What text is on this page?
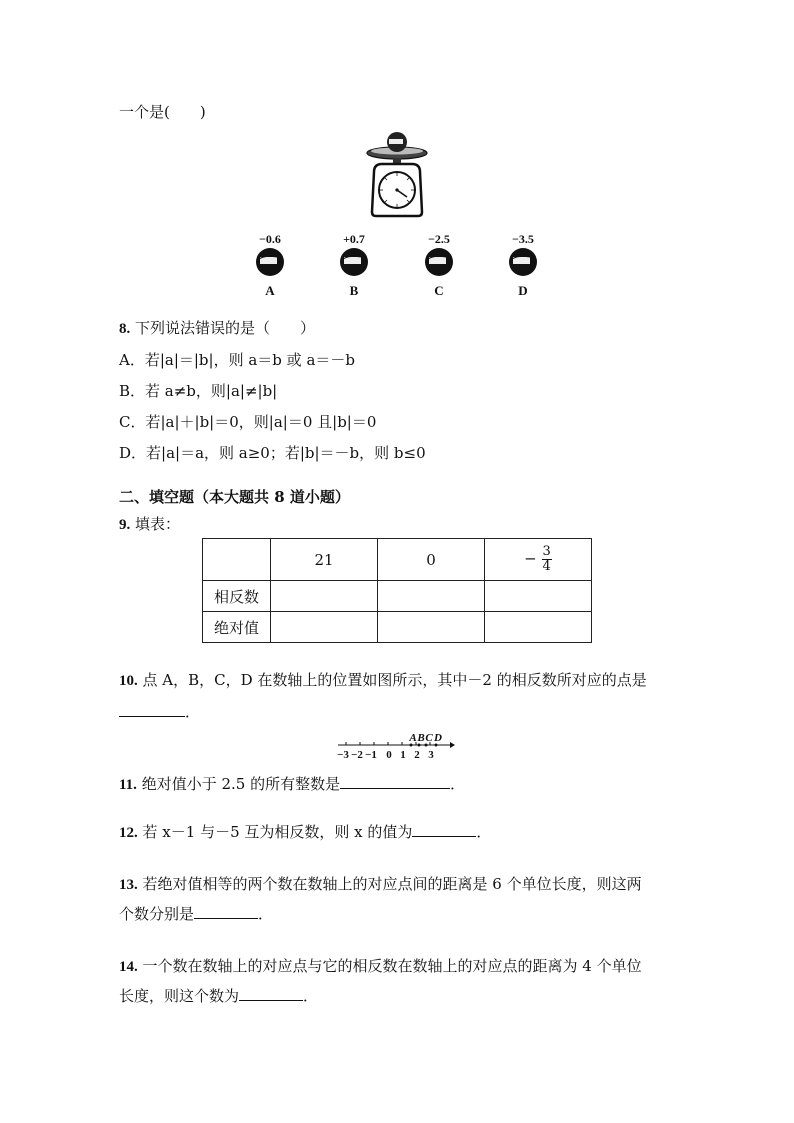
一个是(　　)
−0.6
A
+0.7
B
−2.5
C
−3.5
D
8. 下列说法错误的是（　　）
A．若|a|＝|b|，则 a＝b 或 a＝－b
B．若 a≠b，则|a|≠|b|
C．若|a|＋|b|＝0，则|a|＝0 且|b|＝0
D．若|a|＝a，则 a≥0；若|b|＝－b，则 b≤0
二、填空题（本大题共 8 道小题）
9. 填表：
	21	0	− $\frac{3}{4}$

相反数			
绝对值			
10. 点 A，B，C，D 在数轴上的位置如图所示，其中－2 的相反数所对应的点是
．
−3 −2 −1 0 1 2 3
A B C D
11. 绝对值小于 2.5 的所有整数是	．
12. 若 x－1 与－5 互为相反数，则 x 的值为	．
13. 若绝对值相等的两个数在数轴上的对应点间的距离是 6 个单位长度，则这两
个数分别是	．
14. 一个数在数轴上的对应点与它的相反数在数轴上的对应点的距离为 4 个单位
长度，则这个数为	．
